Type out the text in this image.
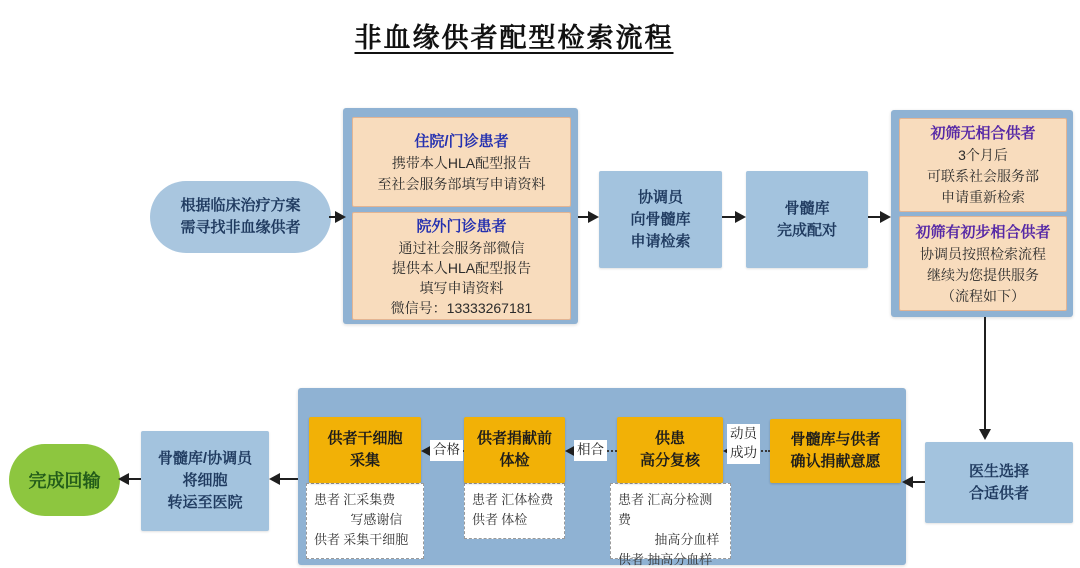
非血缘供者配型检索流程
根据临床治疗方案
需寻找非血缘供者
住院/门诊患者
携带本人HLA配型报告
至社会服务部填写申请资料
院外门诊患者
通过社会服务部微信
提供本人HLA配型报告
填写申请资料
微信号：13333267181
协调员
向骨髓库
申请检索
骨髓库
完成配对
初筛无相合供者
3个月后
可联系社会服务部
申请重新检索
初筛有初步相合供者
协调员按照检索流程
继续为您提供服务
（流程如下）
医生选择
合适供者
骨髓库与供者
确认捐献意愿
动员
成功
供患
高分复核
患者 汇高分检测费
抽高分血样
供者 抽高分血样
相合
供者捐献前
体检
患者 汇体检费
供者 体检
合格
供者干细胞
采集
患者 汇采集费
写感谢信
供者 采集干细胞
骨髓库/协调员
将细胞
转运至医院
完成回输
